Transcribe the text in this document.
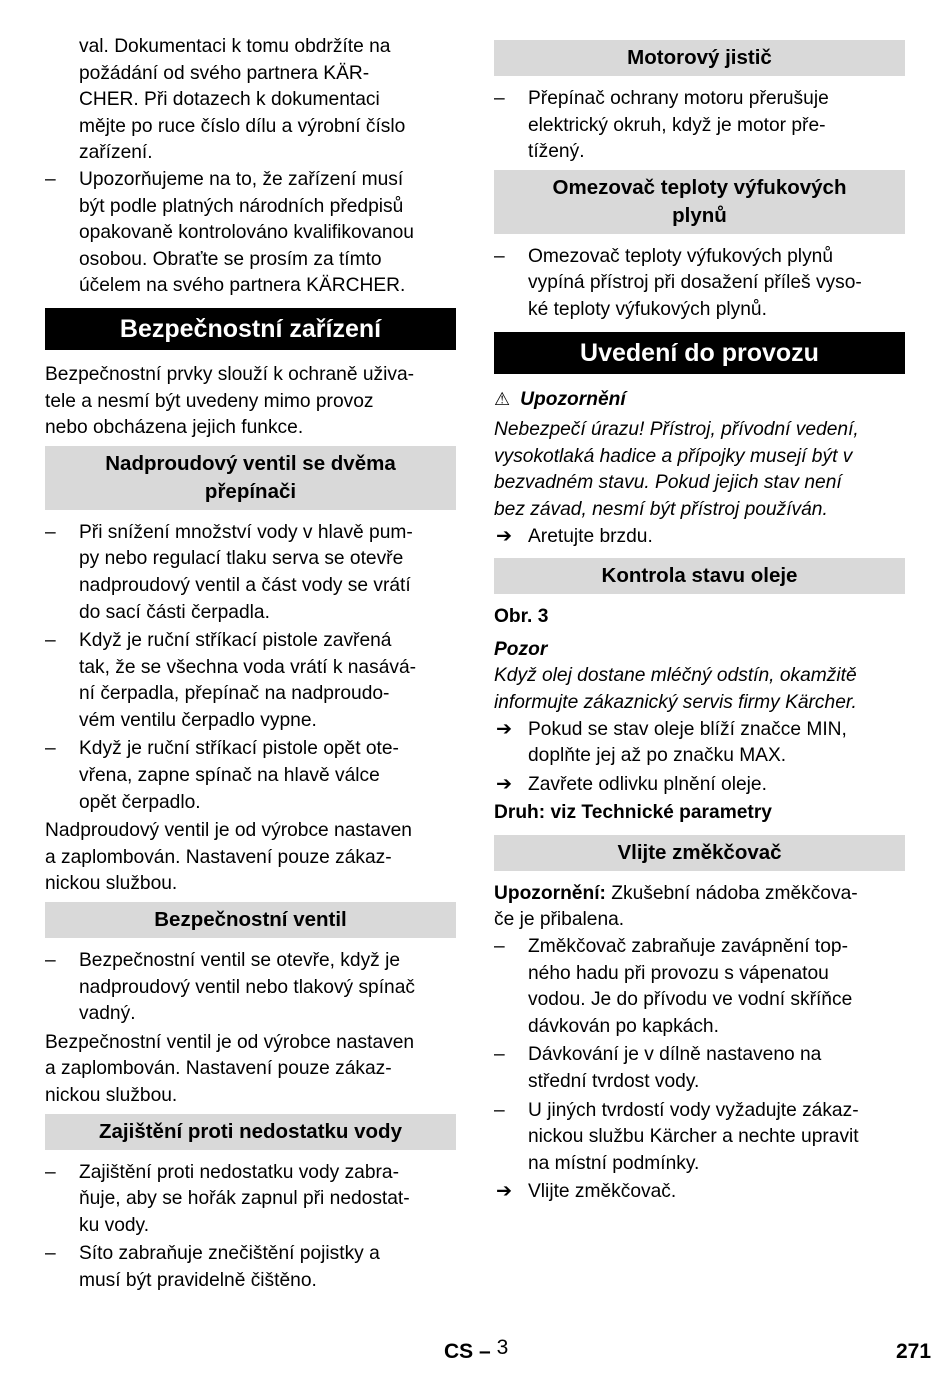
val. Dokumentaci k tomu obdržíte na
požádání od svého partnera KÄR-
CHER. Při dotazech k dokumentaci
mějte po ruce číslo dílu a výrobní číslo
zařízení.

– Upozorňujeme na to, že zařízení musí
být podle platných národních předpisů
opakovaně kontrolováno kvalifikovanou
osobou. Obraťte se prosím za tímto
účelem na svého partnera KÄRCHER.

Bezpečnostní zařízení

Bezpečnostní prvky slouží k ochraně uživa-
tele a nesmí být uvedeny mimo provoz
nebo obcházena jejich funkce.

Nadproudový ventil se dvěma
přepínači

– Při snížení množství vody v hlavě pum-
py nebo regulací tlaku serva se otevře
nadproudový ventil a část vody se vrátí
do sací části čerpadla.

– Když je ruční stříkací pistole zavřená
tak, že se všechna voda vrátí k nasává-
ní čerpadla, přepínač na nadproudo-
vém ventilu čerpadlo vypne.

– Když je ruční stříkací pistole opět ote-
vřena, zapne spínač na hlavě válce
opět čerpadlo.

Nadproudový ventil je od výrobce nastaven
a zaplombován. Nastavení pouze zákaz-
nickou službou.

Bezpečnostní ventil

– Bezpečnostní ventil se otevře, když je
nadproudový ventil nebo tlakový spínač
vadný.

Bezpečnostní ventil je od výrobce nastaven
a zaplombován. Nastavení pouze zákaz-
nickou službou.

Zajištění proti nedostatku vody

– Zajištění proti nedostatku vody zabra-
ňuje, aby se hořák zapnul při nedostat-
ku vody.

– Síto zabraňuje znečištění pojistky a
musí být pravidelně čištěno.

Motorový jistič

– Přepínač ochrany motoru přerušuje
elektrický okruh, když je motor pře-
tížený.

Omezovač teploty výfukových
plynů

– Omezovač teploty výfukových plynů
vypíná přístroj při dosažení příleš vyso-
ké teploty výfukových plynů.

Uvedení do provozu
⚠ Upozornění

Nebezpečí úrazu! Přístroj, přívodní vedení,
vysokotlaká hadice a přípojky musejí být v
bezvadném stavu. Pokud jejich stav není
bez závad, nesmí být přístroj používán.

➔ Aretujte brzdu.

Kontrola stavu oleje

Obr. 3

Pozor

Když olej dostane mléčný odstín, okamžitě
informujte zákaznický servis firmy Kärcher.

➔ Pokud se stav oleje blíží značce MIN,
doplňte jej až po značku MAX.

➔ Zavřete odlivku plnění oleje.

Druh: viz Technické parametry

Vlijte změkčovač

Upozornění: Zkušební nádoba změkčova-
če je přibalena.

– Změkčovač zabraňuje zavápnění top-
ného hadu při provozu s vápenatou
vodou. Je do přívodu ve vodní skříňce
dávkován po kapkách.

– Dávkování je v dílně nastaveno na
střední tvrdost vody.

– U jiných tvrdostí vody vyžadujte zákaz-
nickou službu Kärcher a nechte upravit
na místní podmínky.

➔ Vlijte změkčovač.

CS – 3	271
